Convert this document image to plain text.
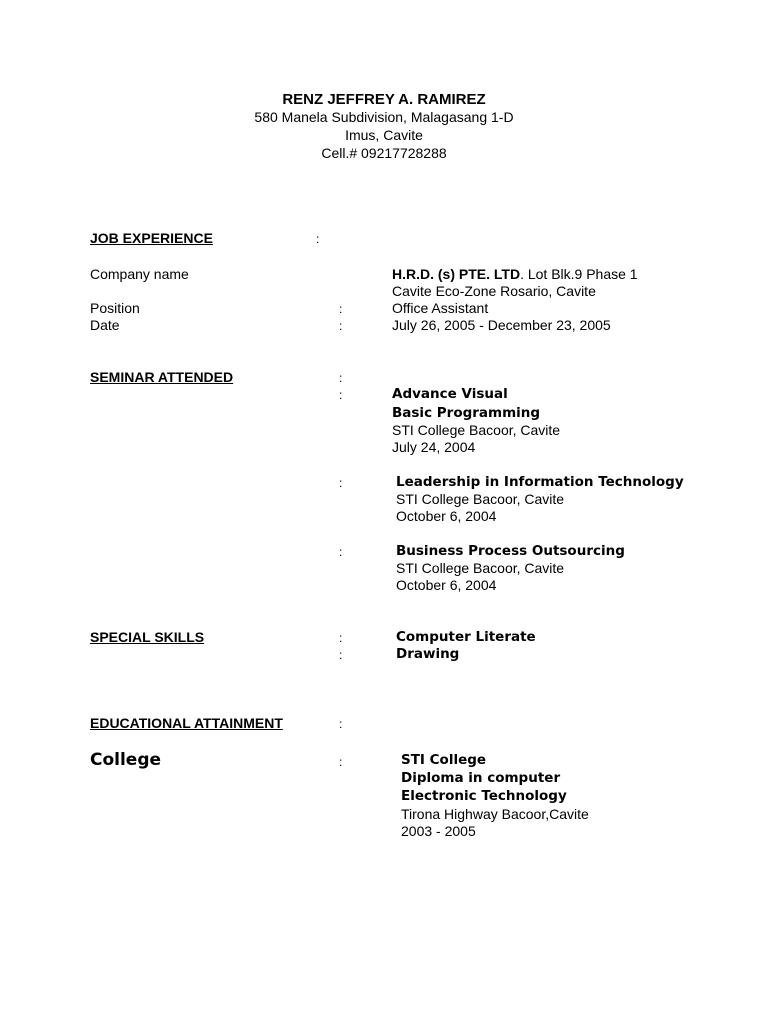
RENZ JEFFREY A. RAMIREZ
580 Manela Subdivision, Malagasang 1-D
Imus, Cavite
Cell.# 09217728288
JOB EXPERIENCE	:
Company name	H.R.D. (s) PTE. LTD. Lot Blk.9 Phase 1
Cavite Eco-Zone Rosario, Cavite
Position	:	Office Assistant
Date	:	July 26, 2005 - December 23, 2005
SEMINAR ATTENDED	:
:	Advance Visual
Basic Programming
STI College Bacoor, Cavite
July 24, 2004
:	Leadership in Information Technology
STI College Bacoor, Cavite
October 6, 2004
:	Business Process Outsourcing
STI College Bacoor, Cavite
October 6, 2004
SPECIAL SKILLS	:	Computer Literate
:	Drawing
EDUCATIONAL ATTAINMENT	:
College	:	STI College
Diploma in computer
Electronic Technology
Tirona Highway Bacoor,Cavite
2003 - 2005
